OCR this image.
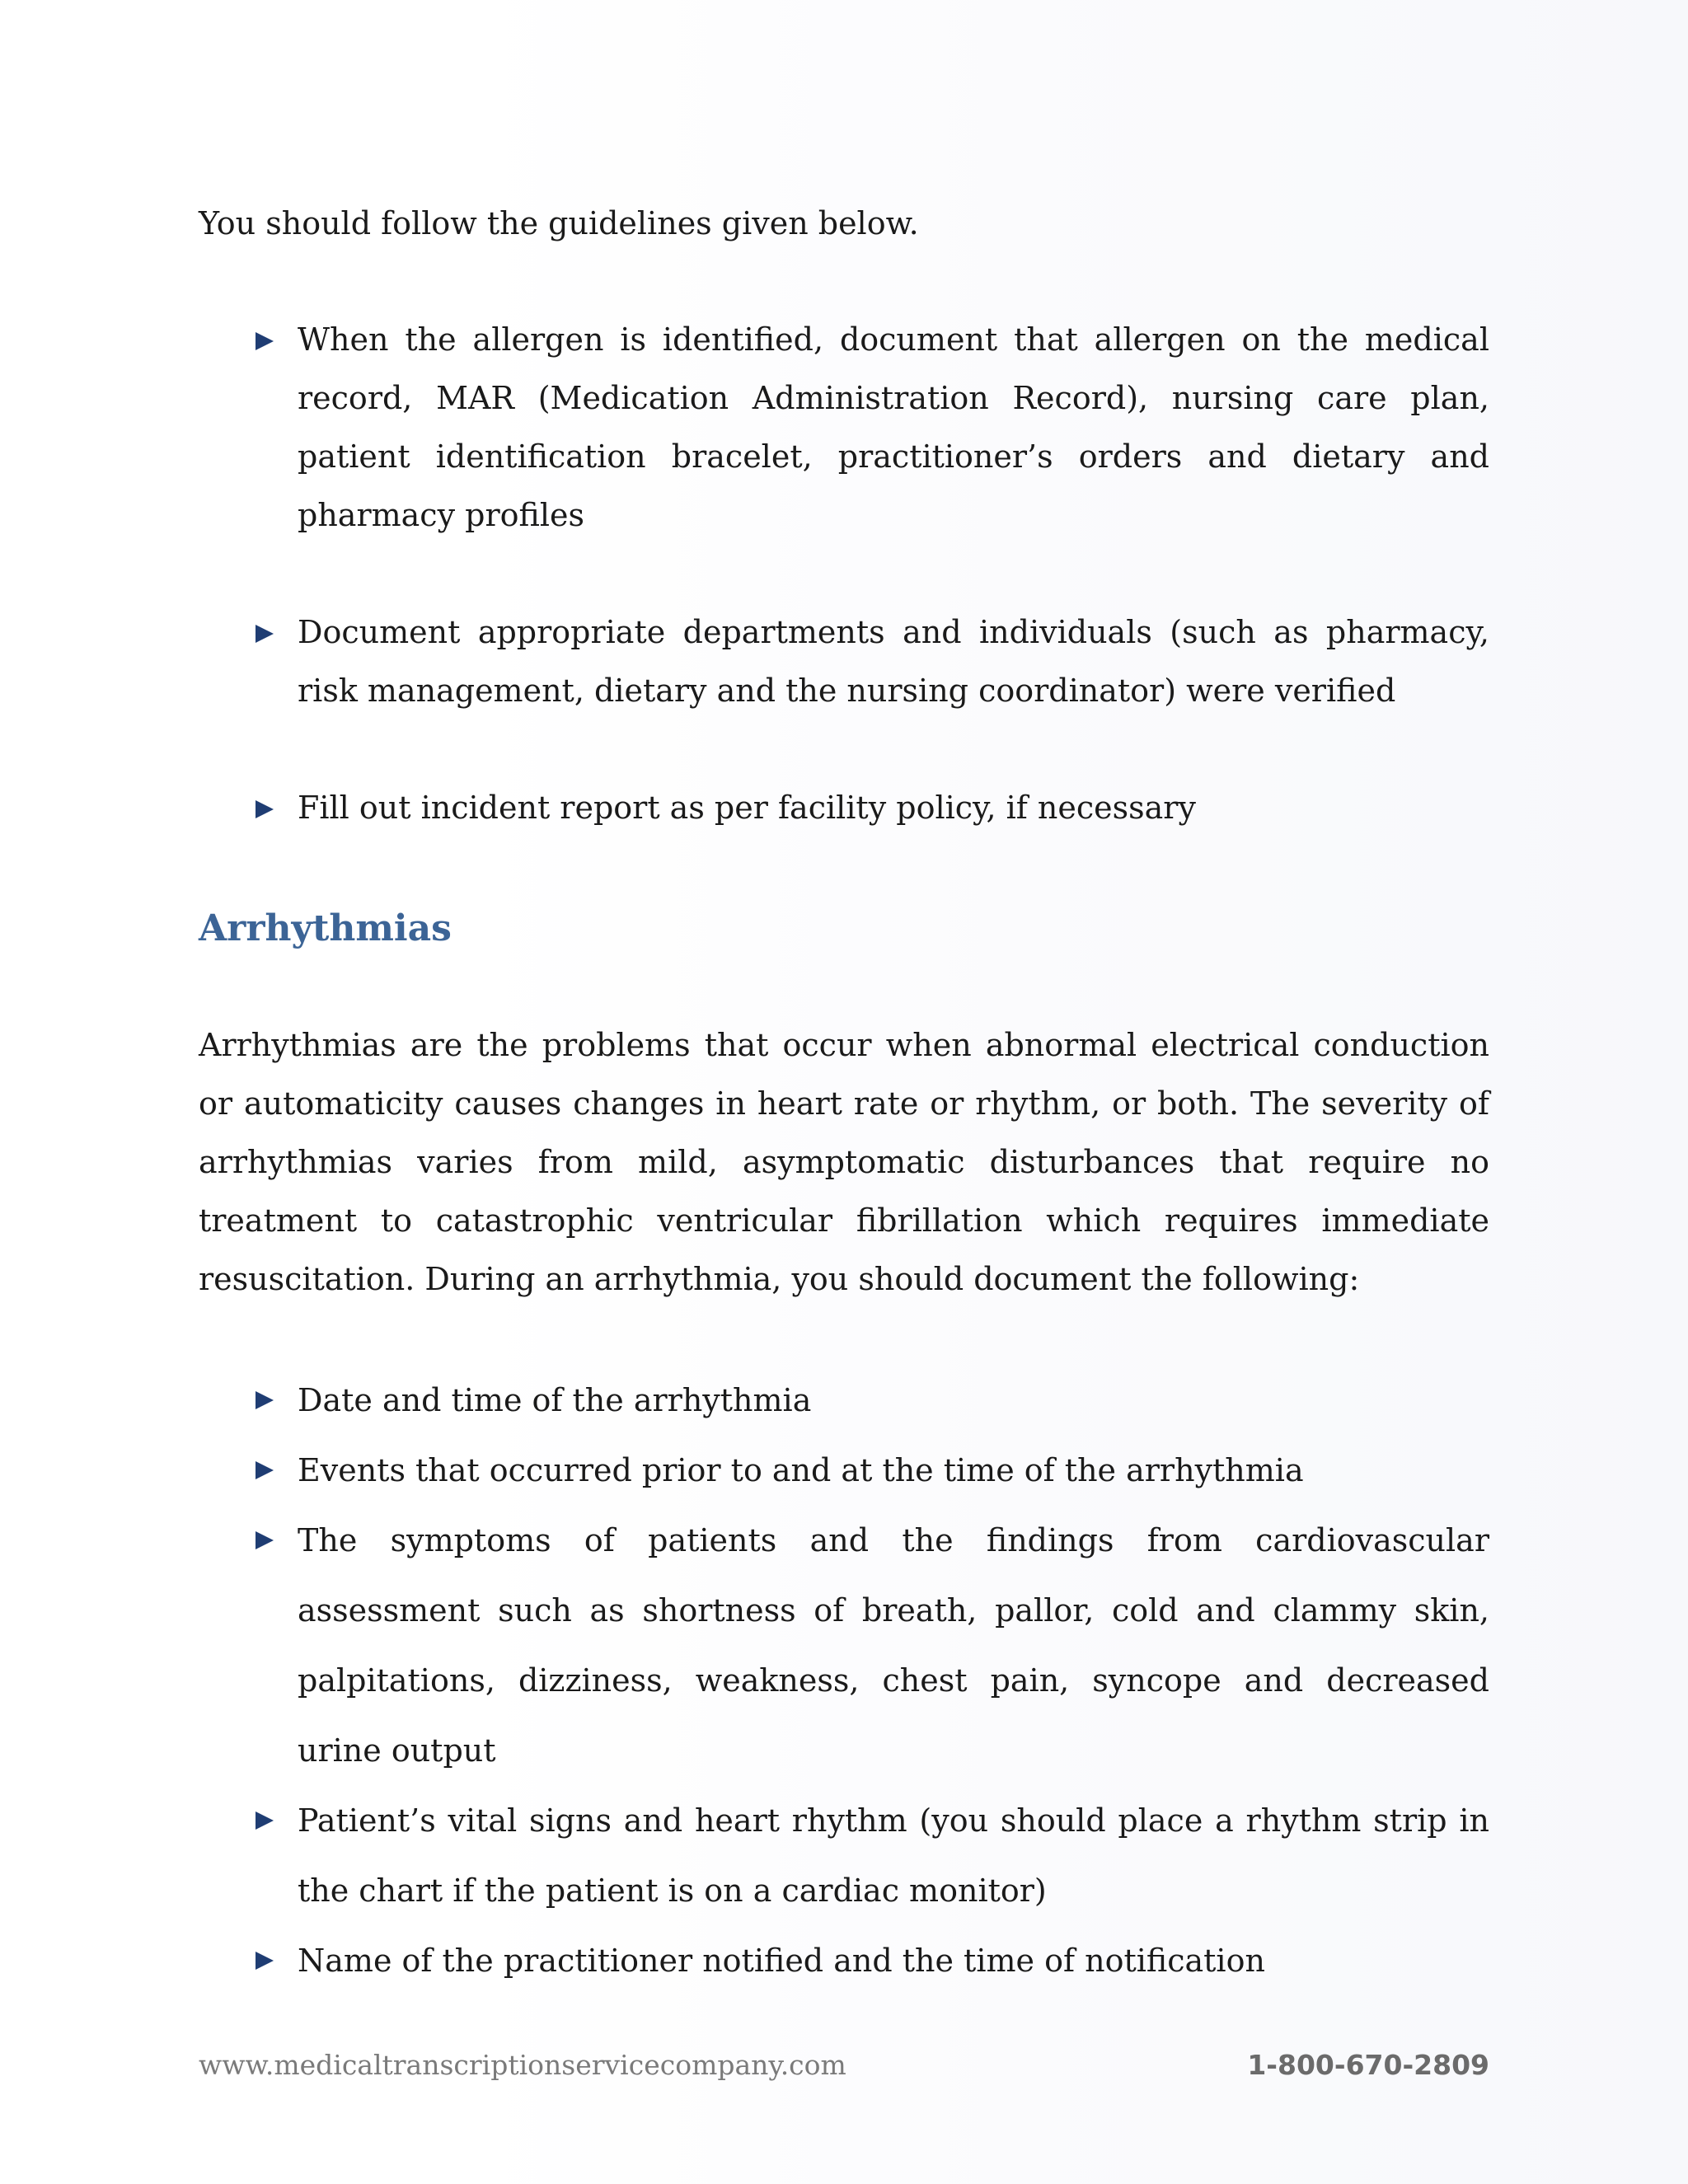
You should follow the guidelines given below.

When the allergen is identified, document that allergen on the medical record, MAR (Medication Administration Record), nursing care plan, patient identification bracelet, practitioner’s orders and dietary and pharmacy profiles
Document appropriate departments and individuals (such as pharmacy, risk management, dietary and the nursing coordinator) were verified
Fill out incident report as per facility policy, if necessary
Arrhythmias

Arrhythmias are the problems that occur when abnormal electrical conduction or automaticity causes changes in heart rate or rhythm, or both. The severity of arrhythmias varies from mild, asymptomatic disturbances that require no treatment to catastrophic ventricular fibrillation which requires immediate resuscitation. During an arrhythmia, you should document the following:

Date and time of the arrhythmia
Events that occurred prior to and at the time of the arrhythmia
The symptoms of patients and the findings from cardiovascular assessment such as shortness of breath, pallor, cold and clammy skin, palpitations, dizziness, weakness, chest pain, syncope and decreased urine output
Patient’s vital signs and heart rhythm (you should place a rhythm strip in the chart if the patient is on a cardiac monitor)
Name of the practitioner notified and the time of notification
www.medicaltranscriptionservicecompany.com	1-800-670-2809
